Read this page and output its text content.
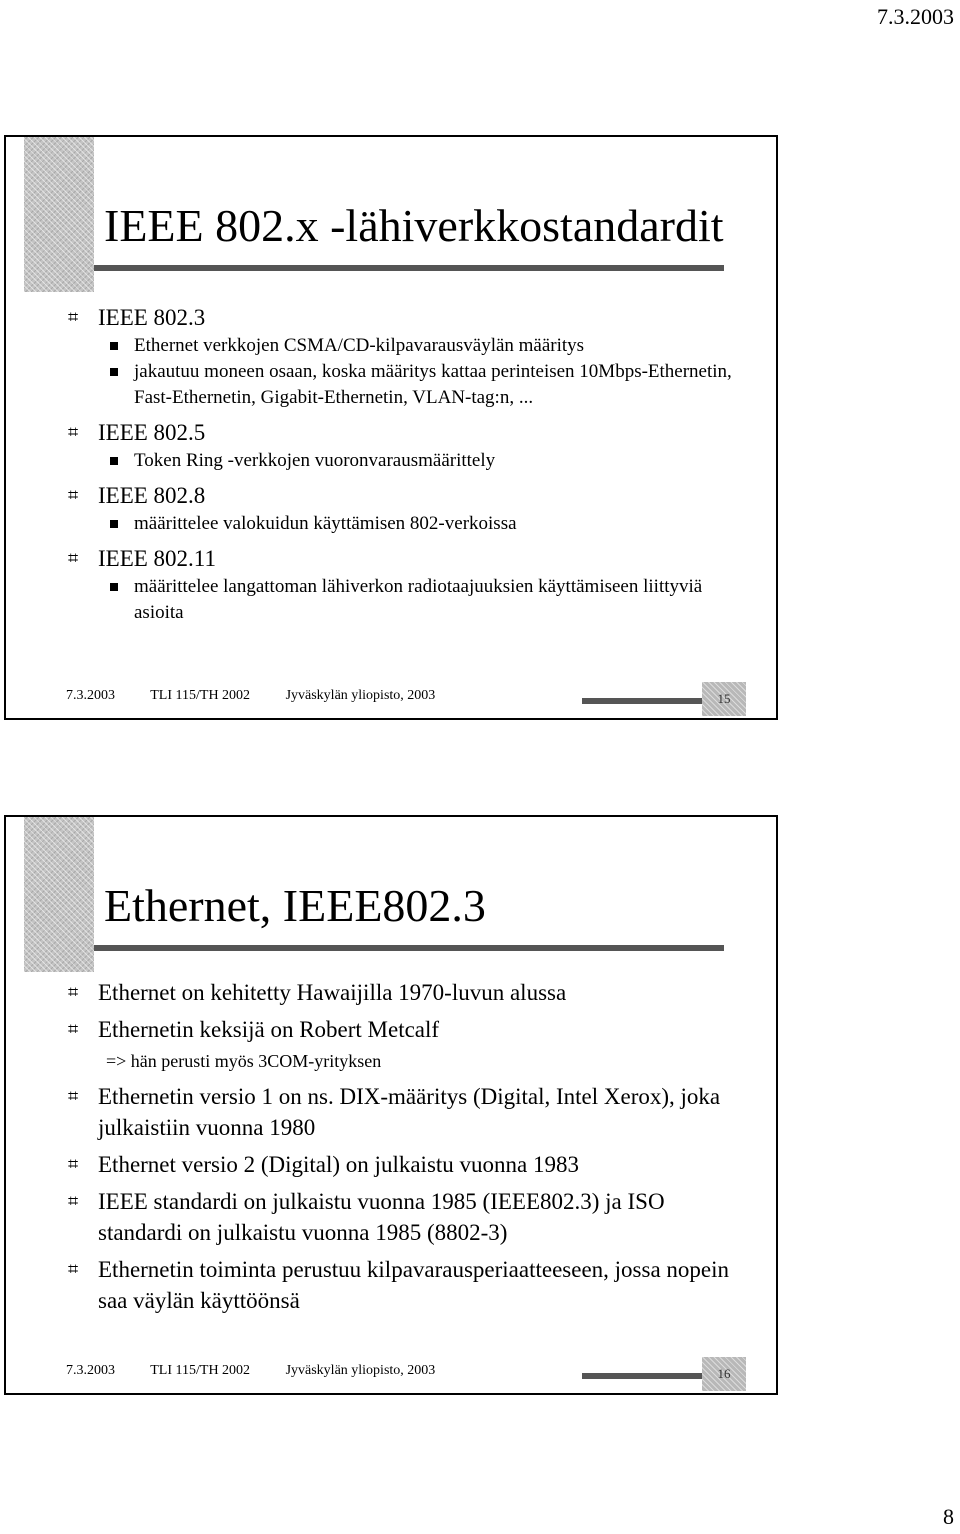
7.3.2003
IEEE 802.x -lähiverkkostandardit
⌗ IEEE 802.3
Ethernet verkkojen CSMA/CD-kilpavarausväylän määritys
jakautuu moneen osaan, koska määritys kattaa perinteisen 10Mbps-Ethernetin, Fast-Ethernetin, Gigabit-Ethernetin, VLAN-tag:n, ...
⌗ IEEE 802.5
Token Ring -verkkojen vuoronvarausmäärittely
⌗ IEEE 802.8
määrittelee valokuidun käyttämisen 802-verkoissa
⌗ IEEE 802.11
määrittelee langattoman lähiverkon radiotaajuuksien käyttämiseen liittyviä asioita
7.3.2003	TLI 115/TH 2002	Jyväskylän yliopisto, 2003	15
Ethernet, IEEE802.3
⌗ Ethernet on kehitetty Hawaijilla 1970-luvun alussa
⌗ Ethernetin keksijä on Robert Metcalf
=> hän perusti myös 3COM-yrityksen
⌗ Ethernetin versio 1 on ns. DIX-määritys (Digital, Intel Xerox), joka julkaistiin vuonna 1980
⌗ Ethernet versio 2 (Digital) on julkaistu vuonna 1983
⌗ IEEE standardi on julkaistu vuonna 1985 (IEEE802.3) ja ISO standardi on julkaistu vuonna 1985 (8802-3)
⌗ Ethernetin toiminta perustuu kilpavarausperiaatteeseen, jossa nopein saa väylän käyttöönsä
7.3.2003	TLI 115/TH 2002	Jyväskylän yliopisto, 2003	16
8
